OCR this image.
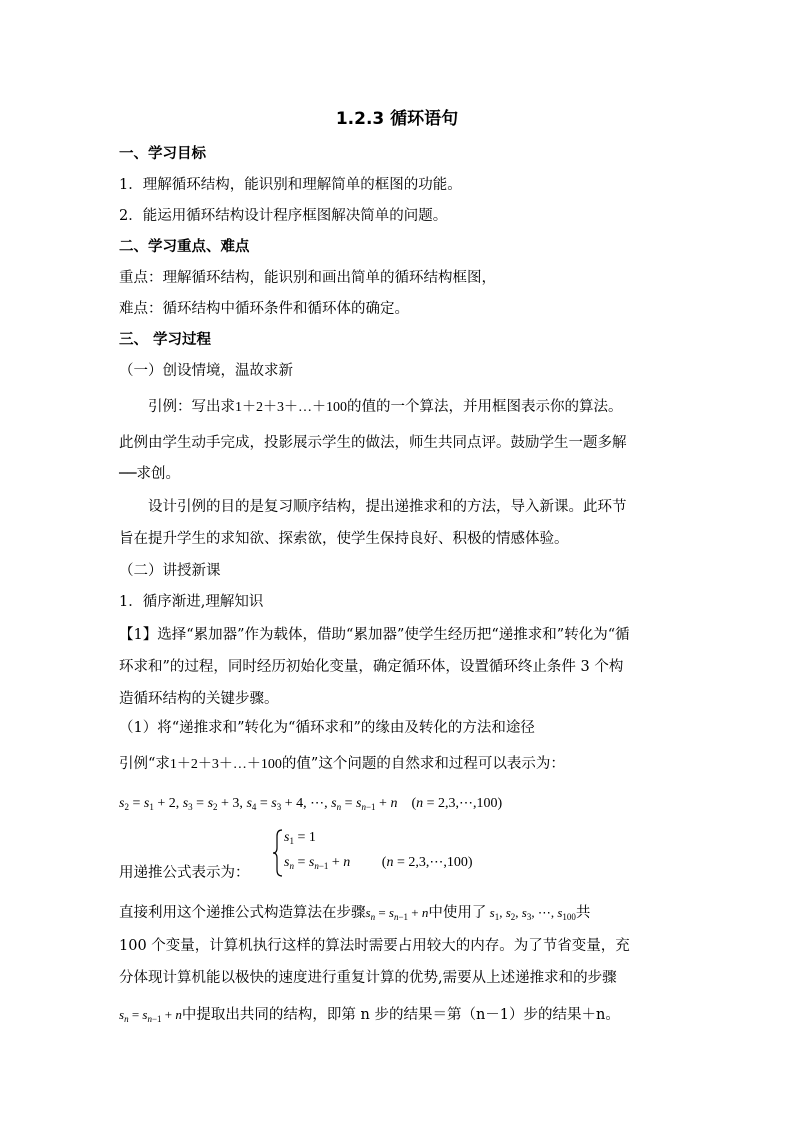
1.2.3 循环语句
一、学习目标
1．理解循环结构，能识别和理解简单的框图的功能。
2．能运用循环结构设计程序框图解决简单的问题。
二、学习重点、难点
重点：理解循环结构，能识别和画出简单的循环结构框图，
难点：循环结构中循环条件和循环体的确定。
三、 学习过程
（一）创设情境，温故求新
引例：写出求1＋2＋3＋…＋100的值的一个算法，并用框图表示你的算法。
此例由学生动手完成，投影展示学生的做法，师生共同点评。鼓励学生一题多解
──求创。
设计引例的目的是复习顺序结构，提出递推求和的方法，导入新课。此环节
旨在提升学生的求知欲、探索欲，使学生保持良好、积极的情感体验。
（二）讲授新课
1．循序渐进,理解知识
【1】选择“累加器”作为载体，借助“累加器”使学生经历把“递推求和”转化为“循
环求和”的过程，同时经历初始化变量，确定循环体，设置循环终止条件 3 个构
造循环结构的关键步骤。
（1）将“递推求和”转化为“循环求和”的缘由及转化的方法和途径
引例“求1＋2＋3＋…＋100的值”这个问题的自然求和过程可以表示为：
$s_2 = s_1 + 2$, $s_3 = s_2 + 3$, $s_4 = s_3 + 4$, ⋯, $s_n = s_{n-1} + n$    (n = 2,3,⋯,100)
$s_1 = 1$
$s_n = s_{n-1} + n$         (n = 2,3,⋯,100)
用递推公式表示为：
直接利用这个递推公式构造算法在步骤$s_n = s_{n-1} + n$中使用了 $s_1$, $s_2$, $s_3$, ⋯, $s_{100}$共
100 个变量，计算机执行这样的算法时需要占用较大的内存。为了节省变量，充
分体现计算机能以极快的速度进行重复计算的优势,需要从上述递推求和的步骤
$s_n = s_{n-1} + n$中提取出共同的结构，即第 n 步的结果＝第（n－1）步的结果＋n。
